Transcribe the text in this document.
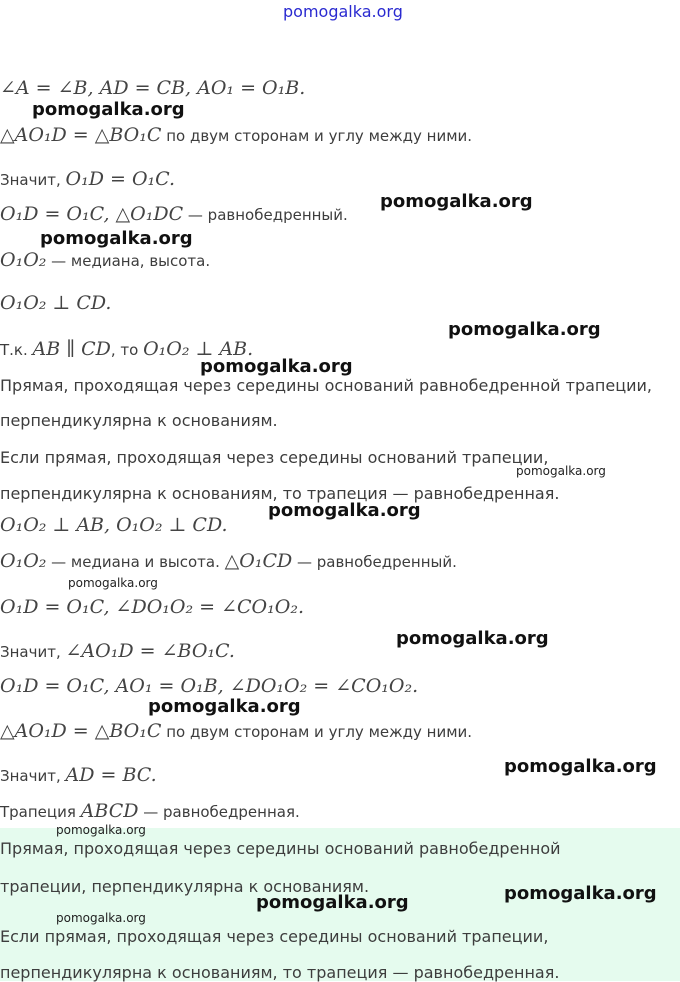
pomogalka.org
∠A = ∠B, AD = CB, AO₁ = O₁B.
△AO₁D = △BO₁C по двум сторонам и углу между ними.
Значит, O₁D = O₁C.
O₁D = O₁C, △O₁DC — равнобедренный.
O₁O₂ — медиана, высота.
O₁O₂ ⊥ CD.
Т.к. AB ∥ CD, то O₁O₂ ⊥ AB.
Прямая, проходящая через середины оснований равнобедренной трапеции,
перпендикулярна к основаниям.
Если прямая, проходящая через середины оснований трапеции,
перпендикулярна к основаниям, то трапеция — равнобедренная.
O₁O₂ ⊥ AB, O₁O₂ ⊥ CD.
O₁O₂ — медиана и высота. △O₁CD — равнобедренный.
O₁D = O₁C, ∠DO₁O₂ = ∠CO₁O₂.
Значит, ∠AO₁D = ∠BO₁C.
O₁D = O₁C, AO₁ = O₁B, ∠DO₁O₂ = ∠CO₁O₂.
△AO₁D = △BO₁C по двум сторонам и углу между ними.
Значит, AD = BC.
Трапеция ABCD — равнобедренная.
Прямая, проходящая через середины оснований равнобедренной
трапеции, перпендикулярна к основаниям.
Если прямая, проходящая через середины оснований трапеции,
перпендикулярна к основаниям, то трапеция — равнобедренная.
pomogalka.org
pomogalka.org
pomogalka.org
pomogalka.org
pomogalka.org
pomogalka.org
pomogalka.org
pomogalka.org
pomogalka.org
pomogalka.org
pomogalka.org
pomogalka.org
pomogalka.org
pomogalka.org
pomogalka.org
